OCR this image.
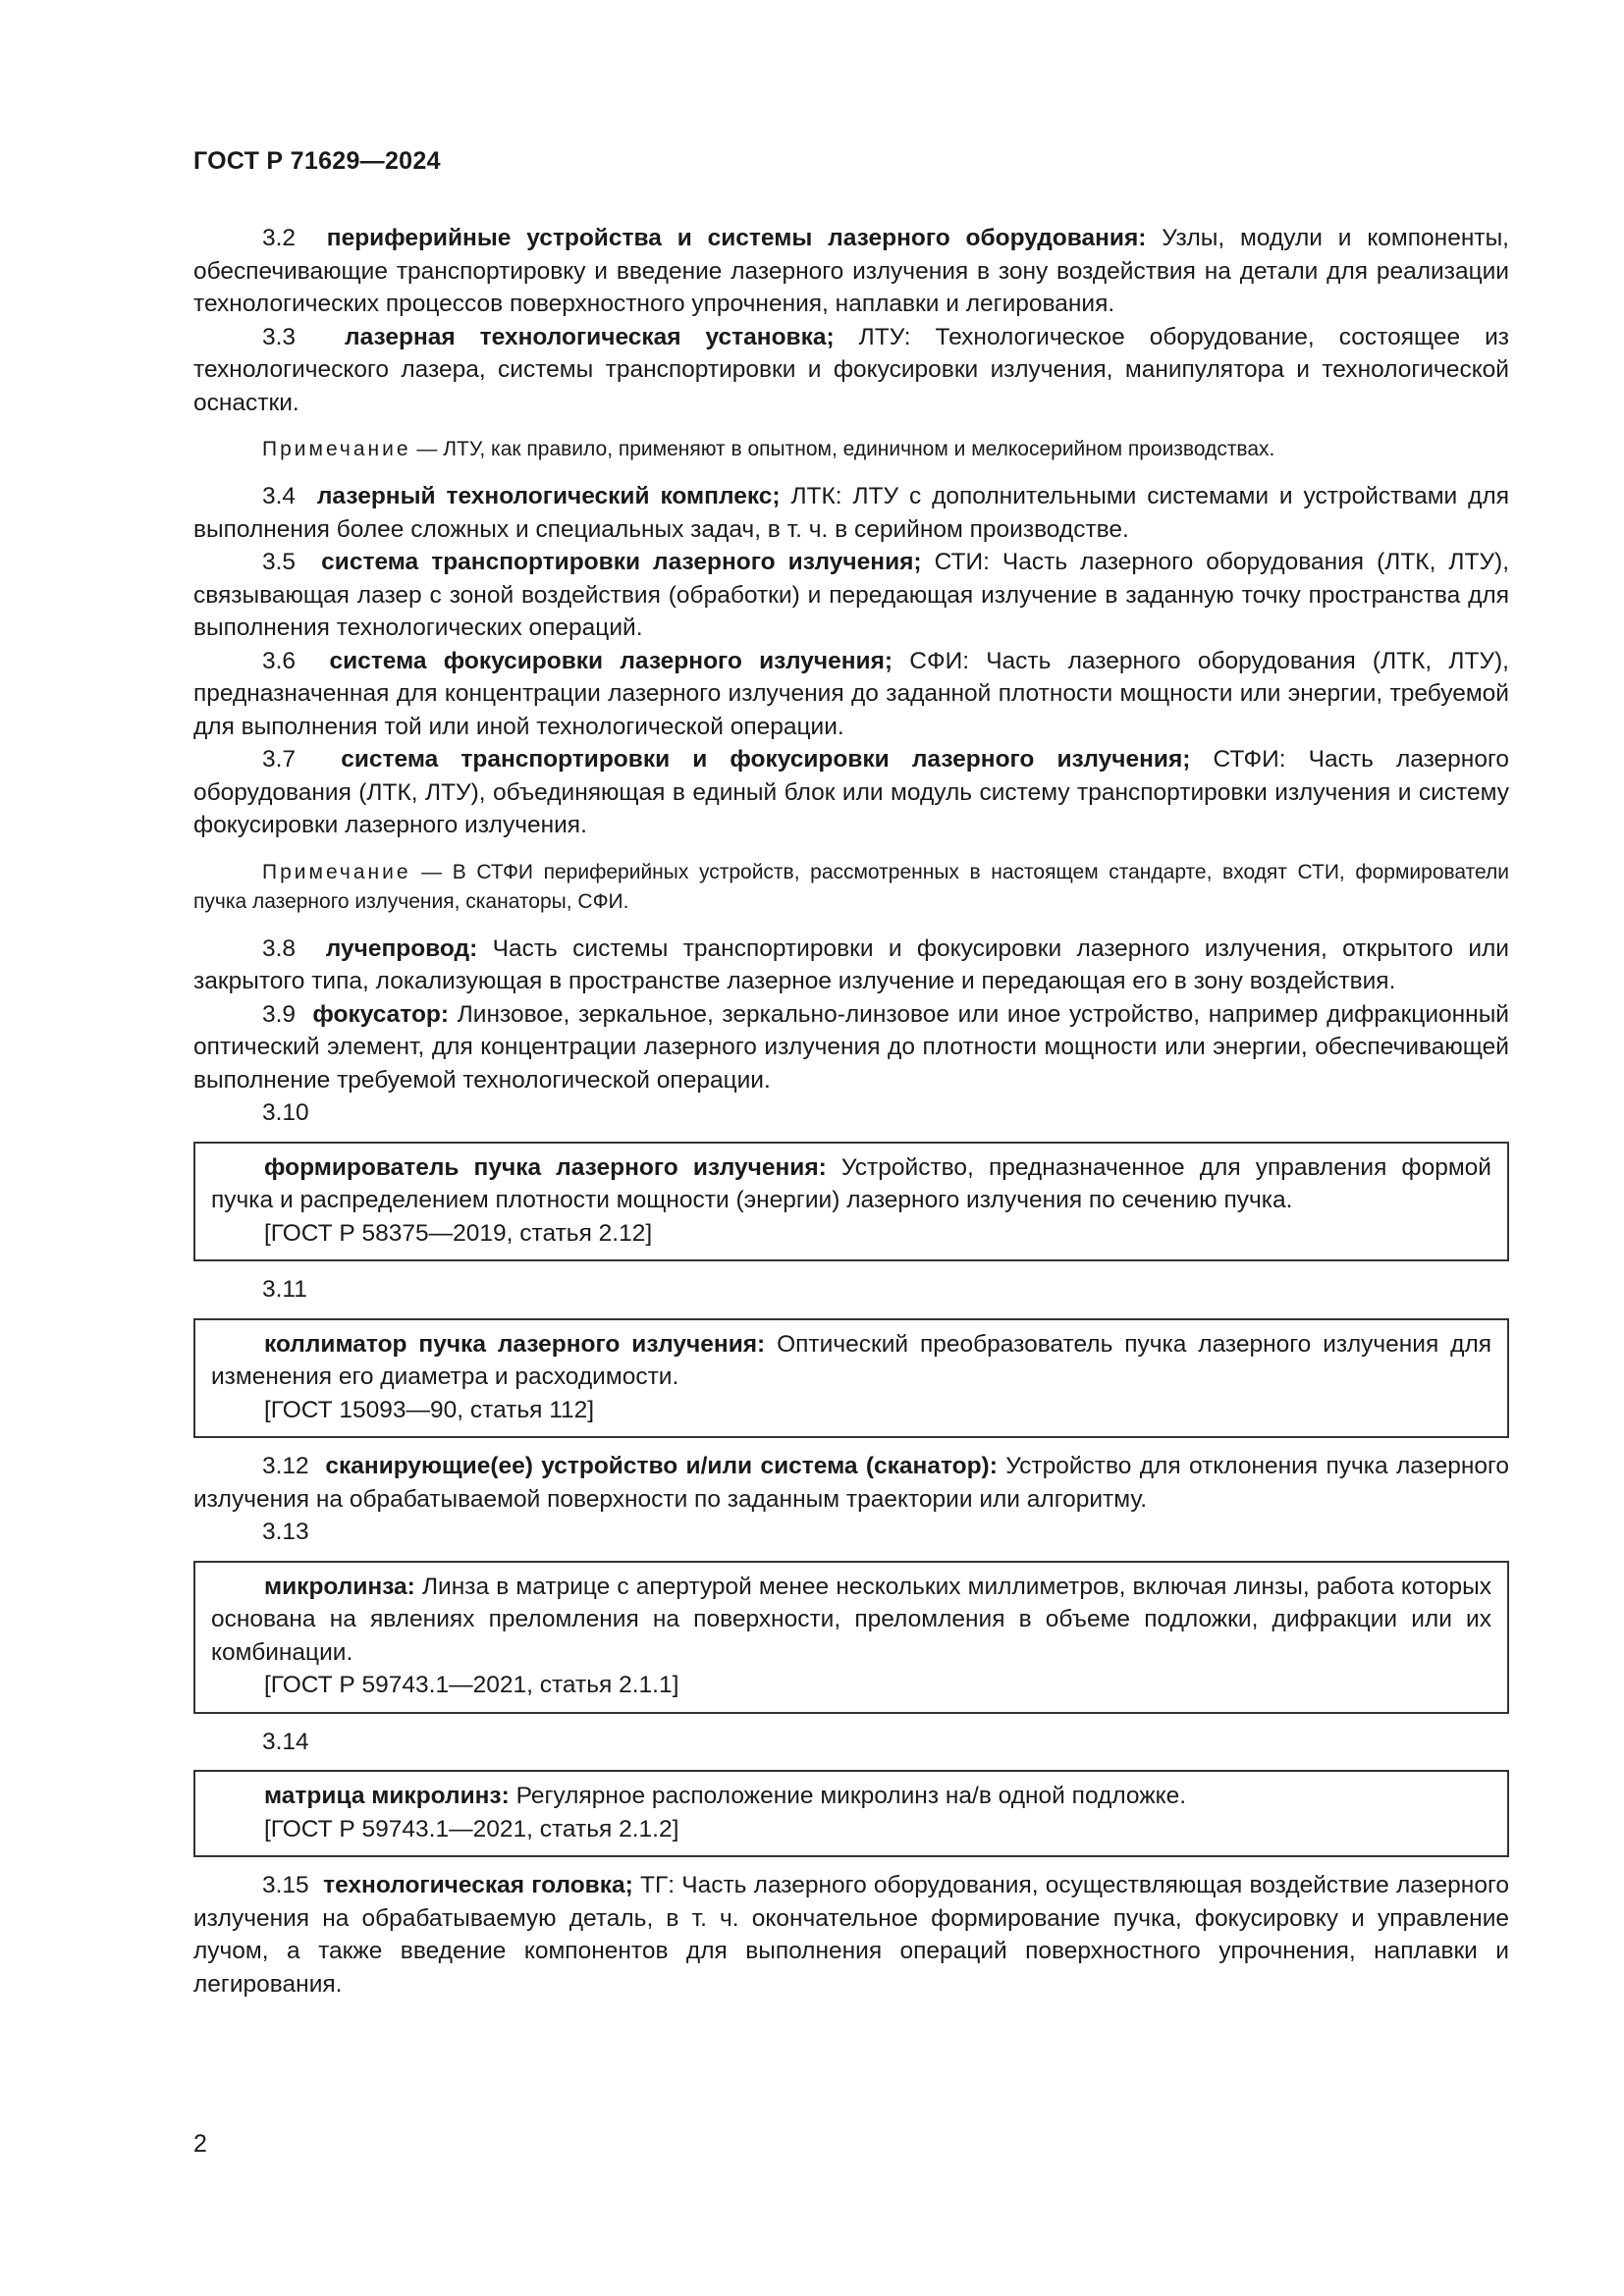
ГОСТ Р 71629—2024

3.2 периферийные устройства и системы лазерного оборудования: Узлы, модули и компоненты, обеспечивающие транспортировку и введение лазерного излучения в зону воздействия на детали для реализации технологических процессов поверхностного упрочнения, наплавки и легирования.

3.3 лазерная технологическая установка; ЛТУ: Технологическое оборудование, состоящее из технологического лазера, системы транспортировки и фокусировки излучения, манипулятора и технологической оснастки.

Примечание — ЛТУ, как правило, применяют в опытном, единичном и мелкосерийном производствах.

3.4 лазерный технологический комплекс; ЛТК: ЛТУ с дополнительными системами и устройствами для выполнения более сложных и специальных задач, в т. ч. в серийном производстве.

3.5 система транспортировки лазерного излучения; СТИ: Часть лазерного оборудования (ЛТК, ЛТУ), связывающая лазер с зоной воздействия (обработки) и передающая излучение в заданную точку пространства для выполнения технологических операций.

3.6 система фокусировки лазерного излучения; СФИ: Часть лазерного оборудования (ЛТК, ЛТУ), предназначенная для концентрации лазерного излучения до заданной плотности мощности или энергии, требуемой для выполнения той или иной технологической операции.

3.7 система транспортировки и фокусировки лазерного излучения; СТФИ: Часть лазерного оборудования (ЛТК, ЛТУ), объединяющая в единый блок или модуль систему транспортировки излучения и систему фокусировки лазерного излучения.

Примечание — В СТФИ периферийных устройств, рассмотренных в настоящем стандарте, входят СТИ, формирователи пучка лазерного излучения, сканаторы, СФИ.

3.8 лучепровод: Часть системы транспортировки и фокусировки лазерного излучения, открытого или закрытого типа, локализующая в пространстве лазерное излучение и передающая его в зону воздействия.

3.9 фокусатор: Линзовое, зеркальное, зеркально-линзовое или иное устройство, например дифракционный оптический элемент, для концентрации лазерного излучения до плотности мощности или энергии, обеспечивающей выполнение требуемой технологической операции.

3.10

формирователь пучка лазерного излучения: Устройство, предназначенное для управления формой пучка и распределением плотности мощности (энергии) лазерного излучения по сечению пучка.

[ГОСТ Р 58375—2019, статья 2.12]

3.11

коллиматор пучка лазерного излучения: Оптический преобразователь пучка лазерного излучения для изменения его диаметра и расходимости.

[ГОСТ 15093—90, статья 112]

3.12 сканирующие(ее) устройство и/или система (сканатор): Устройство для отклонения пучка лазерного излучения на обрабатываемой поверхности по заданным траектории или алгоритму.

3.13

микролинза: Линза в матрице с апертурой менее нескольких миллиметров, включая линзы, работа которых основана на явлениях преломления на поверхности, преломления в объеме подложки, дифракции или их комбинации.

[ГОСТ Р 59743.1—2021, статья 2.1.1]

3.14

матрица микролинз: Регулярное расположение микролинз на/в одной подложке.

[ГОСТ Р 59743.1—2021, статья 2.1.2]

3.15 технологическая головка; ТГ: Часть лазерного оборудования, осуществляющая воздействие лазерного излучения на обрабатываемую деталь, в т. ч. окончательное формирование пучка, фокусировку и управление лучом, а также введение компонентов для выполнения операций поверхностного упрочнения, наплавки и легирования.

2
